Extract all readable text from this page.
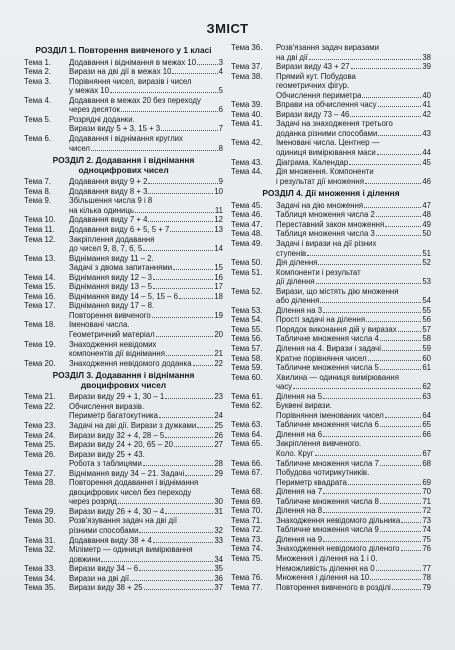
ЗМІСТ
РОЗДІЛ 1. Повторення вивченого у 1 класі
Тема 1.	Додавання і віднімання в межах 10	3
Тема 2.	Вирази на дві дії в межах 10	4
Тема 3.	Порівняння чисел, виразів і чисел
у межах 10	5
Тема 4.	Додавання в межах 20 без переходу
через десяток	6
Тема 5.	Розрядні доданки.
Вирази виду 5 + 3, 15 + 3	7
Тема 6.	Додавання і віднімання круглих
чисел	8
РОЗДІЛ 2. Додавання і віднімання
одноцифрових чисел
Тема 7.	Додавання виду 9 + 2	9
Тема 8.	Додавання виду 8 + 3	10
Тема 9.	Збільшення числа 9 і 8
на кілька одиниць	11
Тема 10.	Додавання виду 7 + 4	12
Тема 11.	Додавання виду 6 + 5, 5 + 7	13
Тема 12.	Закріплення додавання
до чисел 9, 8, 7, 6, 5	14
Тема 13.	Віднімання виду 11 – 2.
Задачі з двома запитаннями	15
Тема 14.	Віднімання виду 12 – 3	16
Тема 15.	Віднімання виду 13 – 5	17
Тема 16.	Віднімання виду 14 – 5, 15 – 6	18
Тема 17.	Віднімання виду 17 – 8.
Повторення вивченого	19
Тема 18.	Іменовані числа.
Геометричний матеріал	20
Тема 19.	Знаходження невідомих
компонентів дії віднімання	21
Тема 20.	Знаходження невідомого доданка	22
РОЗДІЛ 3. Додавання і віднімання
двоцифрових чисел
Тема 21.	Вирази виду 29 + 1, 30 – 1	23
Тема 22.	Обчислення виразів.
Периметр багатокутника	24
Тема 23.	Задачі на дві дії. Вирази з дужками 25
Тема 24.	Вирази виду 32 + 4, 28 – 5	26
Тема 25.	Вирази виду 24 + 20, 65 – 20	27
Тема 26.	Вирази виду 25 + 43.
Робота з таблицями	28
Тема 27.	Віднімання виду 34 – 21. Задачі	29
Тема 28.	Повторення додавання і віднімання
двоцифрових чисел без переходу
через розряд	30
Тема 29.	Вирази виду 26 + 4, 30 – 4	31
Тема 30.	Розв'язування задач на дві дії
різними способами	32
Тема 31.	Додавання виду 38 + 4	33
Тема 32.	Міліметр — одиниця вимірювання
довжини	34
Тема 33.	Вирази виду 34 – 6	35
Тема 34.	Вирази на дві дії	36
Тема 35.	Вирази виду 38 + 25	37
Тема 36.	Розв'язання задач виразами
на дві дії	38
Тема 37.	Вирази виду 43 + 27	39
Тема 38.	Прямий кут. Побудова
геометричних фігур.
Обчислення периметра	40
Тема 39.	Вправи на обчислення часу	41
Тема 40.	Вирази виду 73 – 46	42
Тема 41.	Задачі на знаходження третього
доданка різними способами	43
Тема 42.	Іменовані числа. Центнер —
одиниця вимірювання маси	44
Тема 43.	Діаграма. Календар	45
Тема 44.	Дія множення. Компоненти
і результат дії множення	46
РОЗДІЛ 4. Дії множення і ділення
Тема 45.	Задачі на дію множення	47
Тема 46.	Таблиця множення числа 2	48
Тема 47.	Переставний закон множення	49
Тема 48.	Таблиця множення числа 3	50
Тема 49.	Задачі і вирази на дії різних
ступенів	51
Тема 50.	Дія ділення	52
Тема 51.	Компоненти і результат
дії ділення	53
Тема 52.	Вирази, що містять дію множення
або ділення	54
Тема 53.	Ділення на 3	55
Тема 54.	Прості задачі на ділення	56
Тема 55.	Порядок виконання дій у виразах	57
Тема 56.	Табличне множення числа 4	58
Тема 57.	Ділення на 4. Вирази і задачі	59
Тема 58.	Кратне порівняння чисел	60
Тема 59.	Табличне множення числа 5	61
Тема 60.	Хвилина — одиниця вимірювання
часу	62
Тема 61.	Ділення на 5	63
Тема 62.	Буквені вирази.
Порівняння іменованих чисел	64
Тема 63.	Табличне множення числа 6	65
Тема 64.	Ділення на 6	66
Тема 65.	Закріплення вивченого.
Коло. Круг	67
Тема 66.	Табличне множення числа 7	68
Тема 67.	Побудова чотирикутників.
Периметр квадрата	69
Тема 68.	Ділення на 7	70
Тема 69.	Табличне множення числа 8	71
Тема 70.	Ділення на 8	72
Тема 71.	Знаходження невідомого дільника	73
Тема 72.	Табличне множення числа 9	74
Тема 73.	Ділення на 9	75
Тема 74.	Знаходження невідомого діленого	76
Тема 75.	Множення і ділення на 1 і 0.
Неможливість ділення на 0	77
Тема 76.	Множення і ділення на 10	78
Тема 77.	Повторення вивченого в розділі	79
